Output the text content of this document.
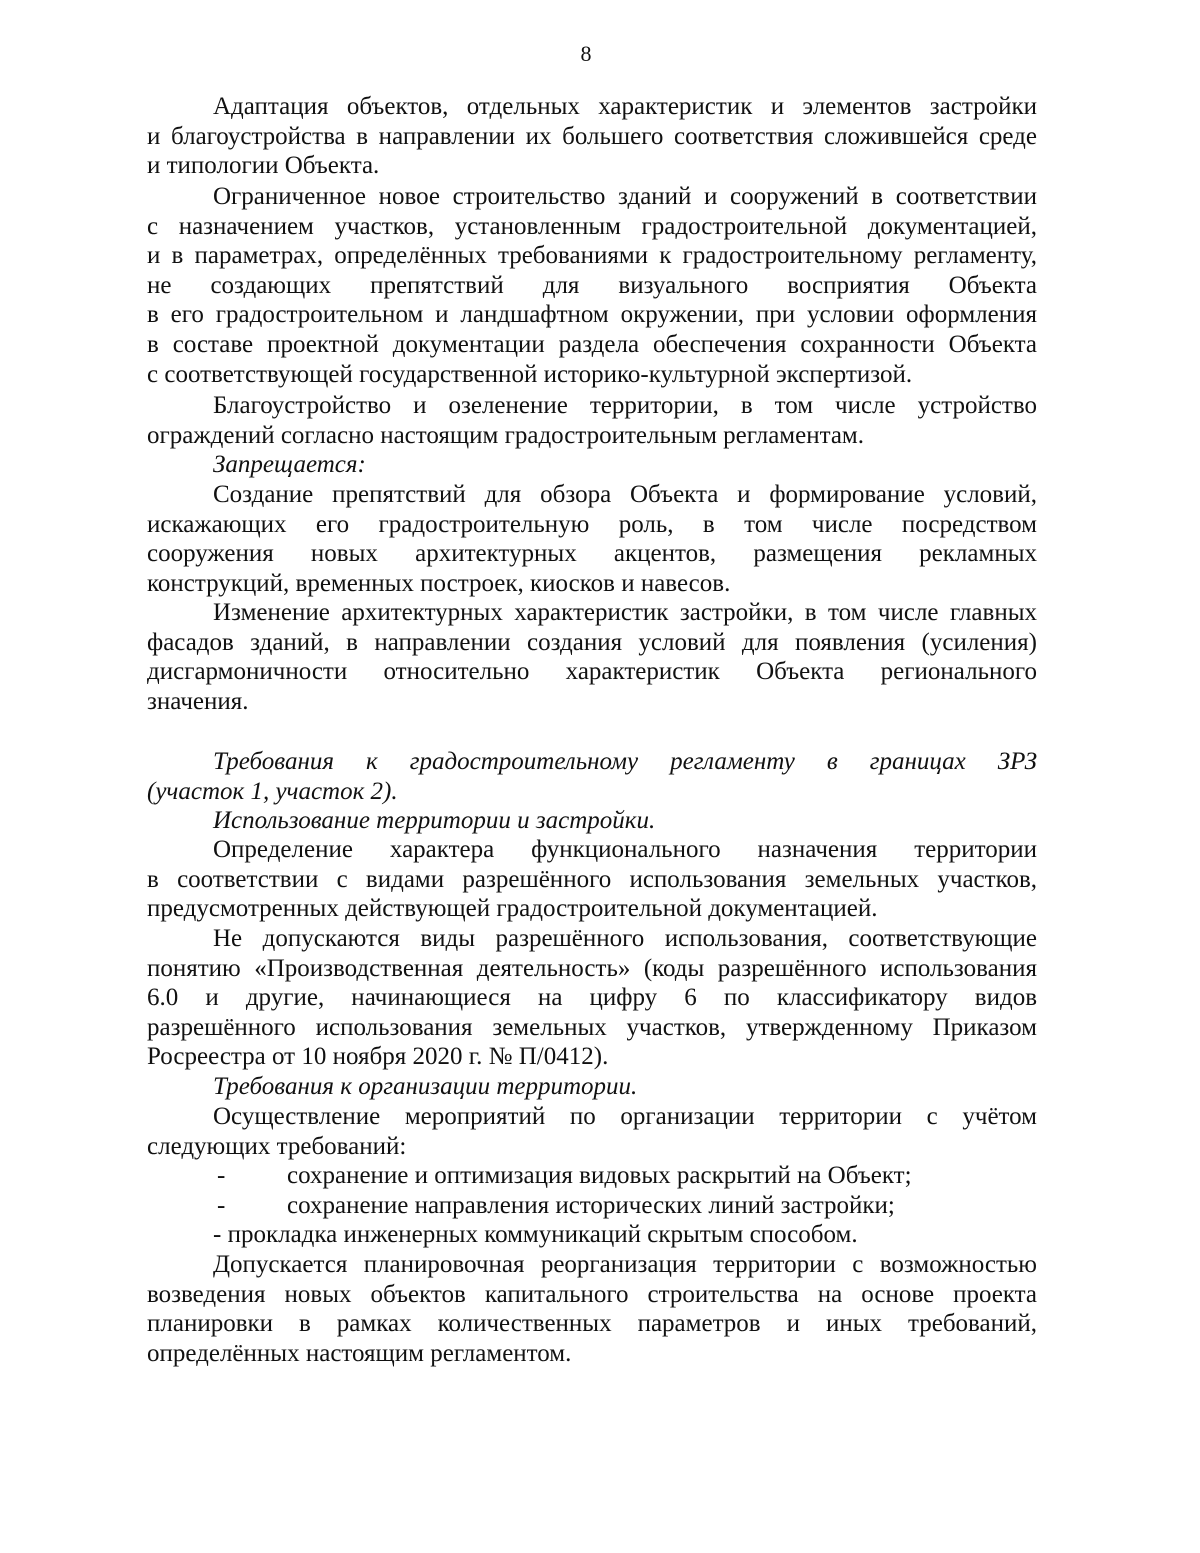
8
Адаптация объектов, отдельных характеристик и элементов застройки
и благоустройства в направлении их большего соответствия сложившейся среде
и типологии Объекта.
Ограниченное новое строительство зданий и сооружений в соответствии
с назначением участков, установленным градостроительной документацией,
и в параметрах, определённых требованиями к градостроительному регламенту,
не создающих препятствий для визуального восприятия Объекта
в его градостроительном и ландшафтном окружении, при условии оформления
в составе проектной документации раздела обеспечения сохранности Объекта
с соответствующей государственной историко-культурной экспертизой.
Благоустройство и озеленение территории, в том числе устройство
ограждений согласно настоящим градостроительным регламентам.
Запрещается:
Создание препятствий для обзора Объекта и формирование условий,
искажающих его градостроительную роль, в том числе посредством
сооружения новых архитектурных акцентов, размещения рекламных
конструкций, временных построек, киосков и навесов.
Изменение архитектурных характеристик застройки, в том числе главных
фасадов зданий, в направлении создания условий для появления (усиления)
дисгармоничности относительно характеристик Объекта регионального
значения.
Требования к градостроительному регламенту в границах ЗРЗ
(участок 1, участок 2).
Использование территории и застройки.
Определение характера функционального назначения территории
в соответствии с видами разрешённого использования земельных участков,
предусмотренных действующей градостроительной документацией.
Не допускаются виды разрешённого использования, соответствующие
понятию «Производственная деятельность» (коды разрешённого использования
6.0 и другие, начинающиеся на цифру 6 по классификатору видов
разрешённого использования земельных участков, утвержденному Приказом
Росреестра от 10 ноября 2020 г. № П/0412).
Требования к организации территории.
Осуществление мероприятий по организации территории с учётом
следующих требований:
- сохранение и оптимизация видовых раскрытий на Объект;
- сохранение направления исторических линий застройки;
- прокладка инженерных коммуникаций скрытым способом.
Допускается планировочная реорганизация территории с возможностью
возведения новых объектов капитального строительства на основе проекта
планировки в рамках количественных параметров и иных требований,
определённых настоящим регламентом.
